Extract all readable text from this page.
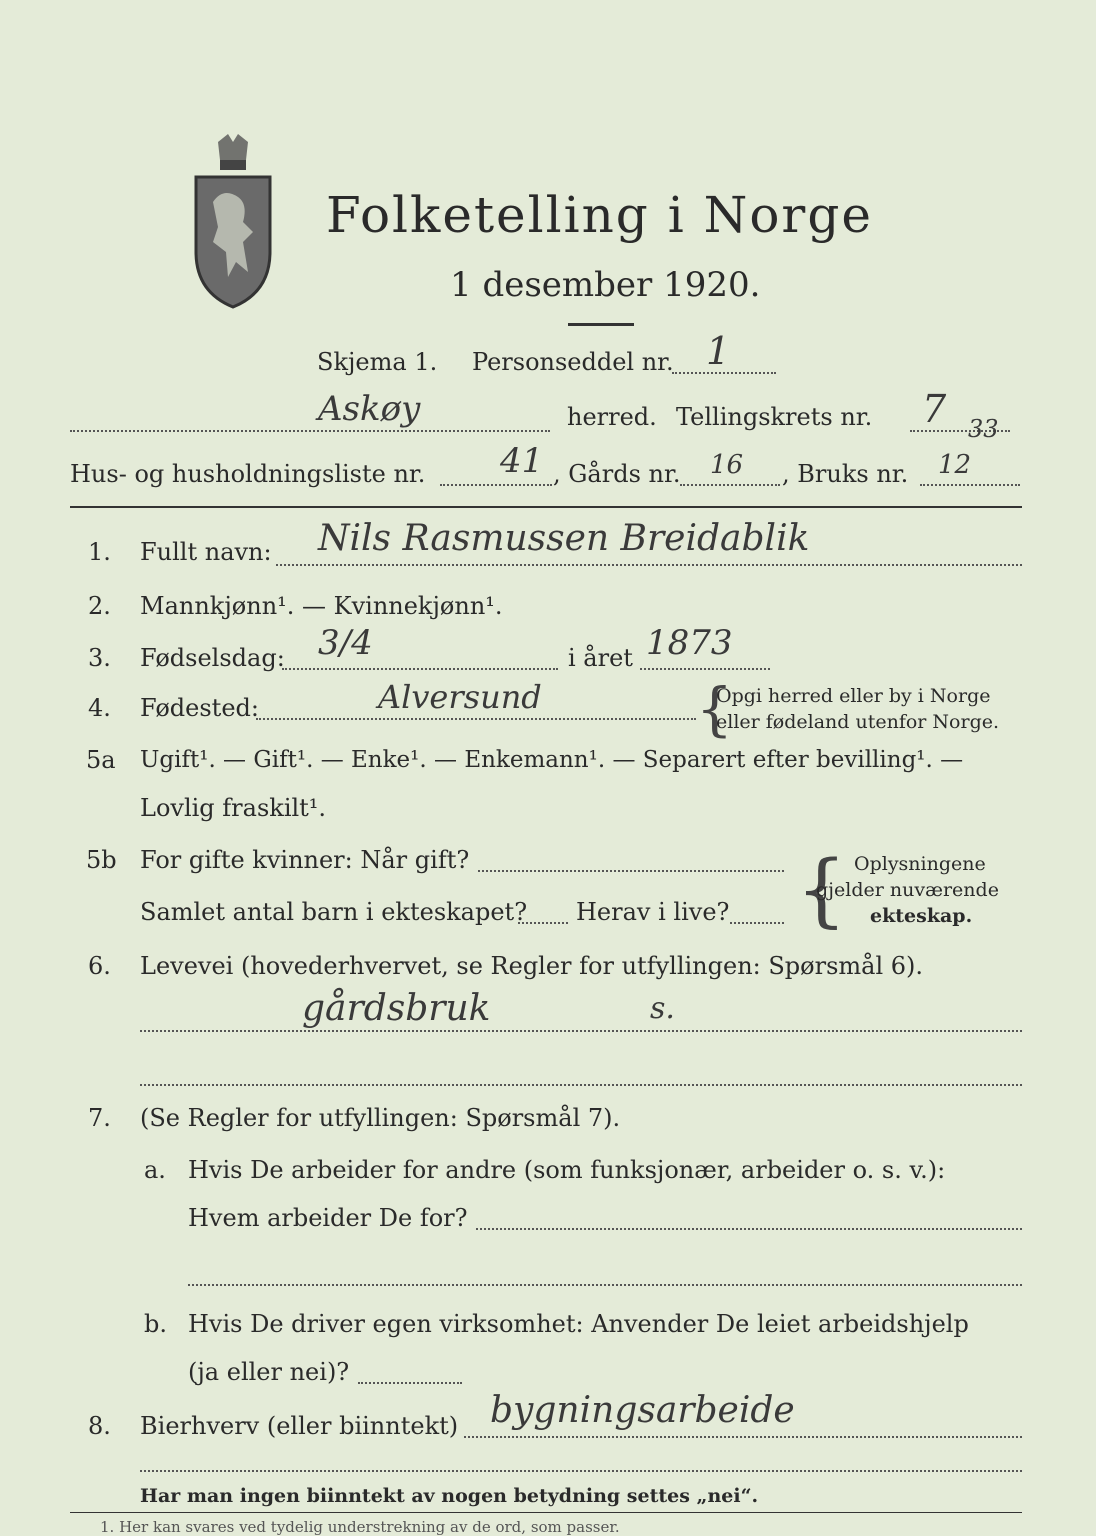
Folketelling i Norge
1 desember 1920.
Skjema 1. Personseddel nr. 1
Askøy	herred. Tellingskrets nr. 7 33
Hus- og husholdningsliste nr. 41 , Gårds nr. 16 , Bruks nr. 12
1. Fullt navn: Nils Rasmussen Breidablik
2. Mannkjønn¹. — Kvinnekjønn¹.
3. Fødselsdag: 3/4	i året 1873
4. Fødested:	Alversund	{
Opgi herred eller by i Norge
eller fødeland utenfor Norge.
5a Ugift¹. — Gift¹. — Enke¹. — Enkemann¹. — Separert efter bevilling¹. —
Lovlig fraskilt¹.
5b For gifte kvinner: Når gift?
Samlet antal barn i ekteskapet? Herav i live? { Oplysningene
gjelder nuværende
ekteskap.
6. Levevei (hovederhvervet, se Regler for utfyllingen: Spørsmål 6).
gårdsbruk	s.
7. (Se Regler for utfyllingen: Spørsmål 7).
a. Hvis De arbeider for andre (som funksjonær, arbeider o. s. v.):
Hvem arbeider De for?
b. Hvis De driver egen virksomhet: Anvender De leiet arbeidshjelp
(ja eller nei)?
8. Bierhverv (eller biinntekt) bygningsarbeide
Har man ingen biinntekt av nogen betydning settes „nei“.
1. Her kan svares ved tydelig understrekning av de ord, som passer.
